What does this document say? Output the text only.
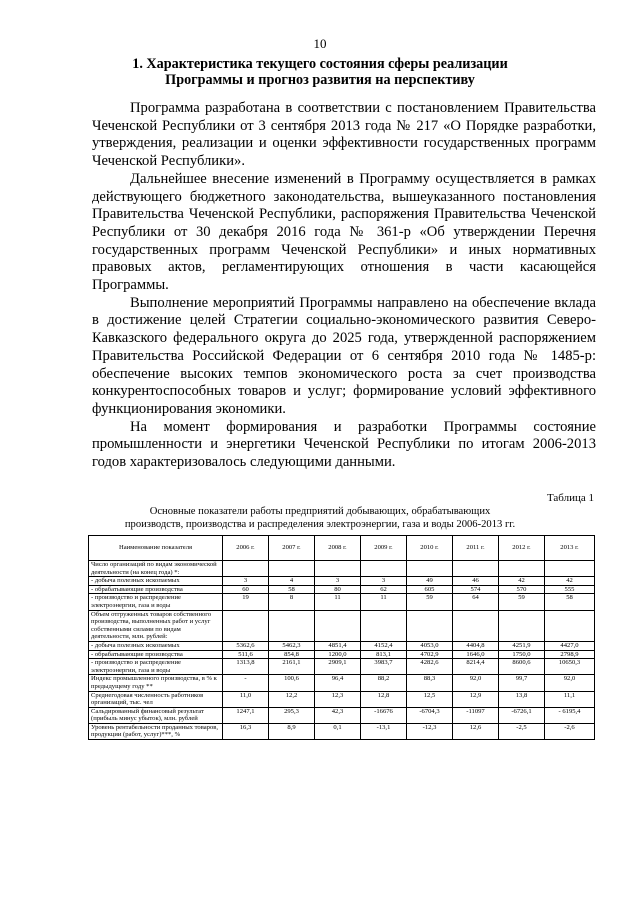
10
1. Характеристика текущего состояния сферы реализации
Программы и прогноз развития на перспективу

Программа разработана в соответствии с постановлением Правительства Чеченской Республики от 3 сентября 2013 года № 217 «О Порядке разработки, утверждения, реализации и оценки эффективности государственных программ Чеченской Республики».

Дальнейшее внесение изменений в Программу осуществляется в рамках действующего бюджетного законодательства, вышеуказанного постановления Правительства Чеченской Республики, распоряжения Правительства Чеченской Республики от 30 декабря 2016 года № 361-р «Об утверждении Перечня государственных программ Чеченской Республики» и иных нормативных правовых актов, регламентирующих отношения в части касающейся Программы.

Выполнение мероприятий Программы направлено на обеспечение вклада в достижение целей Стратегии социально-экономического развития Северо-Кавказского федерального округа до 2025 года, утвержденной распоряжением Правительства Российской Федерации от 6 сентября 2010 года № 1485-р: обеспечение высоких темпов экономического роста за счет производства конкурентоспособных товаров и услуг; формирование условий эффективного функционирования экономики.

На момент формирования и разработки Программы состояние промышленности и энергетики Чеченской Республики по итогам 2006-2013 годов характеризовалось следующими данными.

Таблица 1
Основные показатели работы предприятий добывающих, обрабатывающих
производств, производства и распределения электроэнергии, газа и воды 2006-2013 гг.
Наименование показателя	2006 г.	2007 г.	2008 г.	2009 г.	2010 г.	2011 г.	2012 г.	2013 г.
Число организаций по видам экономической деятельности (на конец года) *:								
- добыча полезных ископаемых	3	4	3	3	49	46	42	42
- обрабатывающие производства	60	58	80	62	605	574	570	555
- производство и распределение электроэнергии, газа и воды	19	8	11	11	59	64	59	58
Объем отгруженных товаров собственного производства, выполненных работ и услуг собственными силами по видам деятельности, млн. рублей:								
- добыча полезных ископаемых	5362,6	5462,3	4851,4	4152,4	4053,0	4404,8	4251,9	4427,0
- обрабатывающие производства	511,6	854,8	1200,0	813,1	4702,9	1646,0	1750,0	2798,9
- производство и распределение электроэнергии, газа и воды	1313,8	2161,1	2909,1	3983,7	4282,6	8214,4	8600,6	10650,3
Индекс промышленного производства, в % к предыдущему году **	-	100,6	96,4	88,2	88,3	92,0	99,7	92,0
Среднегодовая численность работников организаций, тыс. чел	11,0	12,2	12,3	12,8	12,5	12,9	13,8	11,1
Сальдированный финансовый результат (прибыль минус убыток), млн. рублей	1247,1	295,3	42,3	-16676	-6704,3	-11097	-6726,1	- 6195,4
Уровень рентабельности проданных товаров, продукции (работ, услуг)***, %	16,3	8,9	0,1	-13,1	-12,3	12,6	-2,5	-2,6
